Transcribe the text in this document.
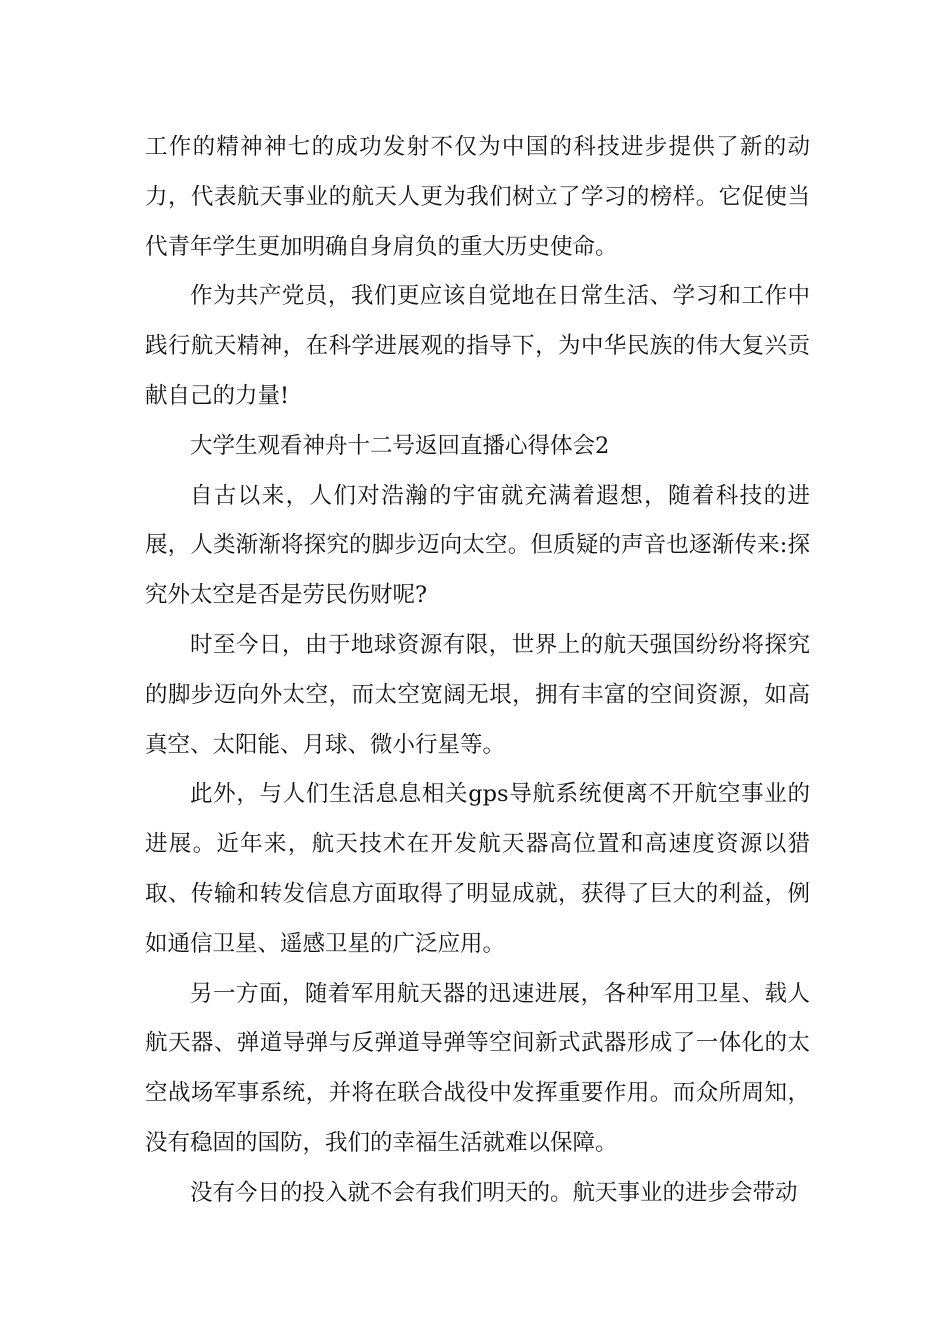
工作的精神神七的成功发射不仅为中国的科技进步提供了新的动力，代表航天事业的航天人更为我们树立了学习的榜样。它促使当代青年学生更加明确自身肩负的重大历史使命。

作为共产党员，我们更应该自觉地在日常生活、学习和工作中践行航天精神，在科学进展观的指导下，为中华民族的伟大复兴贡献自己的力量!

大学生观看神舟十二号返回直播心得体会2

自古以来，人们对浩瀚的宇宙就充满着遐想，随着科技的进展，人类渐渐将探究的脚步迈向太空。但质疑的声音也逐渐传来:探究外太空是否是劳民伤财呢?

时至今日，由于地球资源有限，世界上的航天强国纷纷将探究的脚步迈向外太空，而太空宽阔无垠，拥有丰富的空间资源，如高真空、太阳能、月球、微小行星等。

此外，与人们生活息息相关gps导航系统便离不开航空事业的进展。近年来，航天技术在开发航天器高位置和高速度资源以猎取、传输和转发信息方面取得了明显成就，获得了巨大的利益，例如通信卫星、遥感卫星的广泛应用。

另一方面，随着军用航天器的迅速进展，各种军用卫星、载人航天器、弹道导弹与反弹道导弹等空间新式武器形成了一体化的太空战场军事系统，并将在联合战役中发挥重要作用。而众所周知，没有稳固的国防，我们的幸福生活就难以保障。

没有今日的投入就不会有我们明天的。航天事业的进步会带动
